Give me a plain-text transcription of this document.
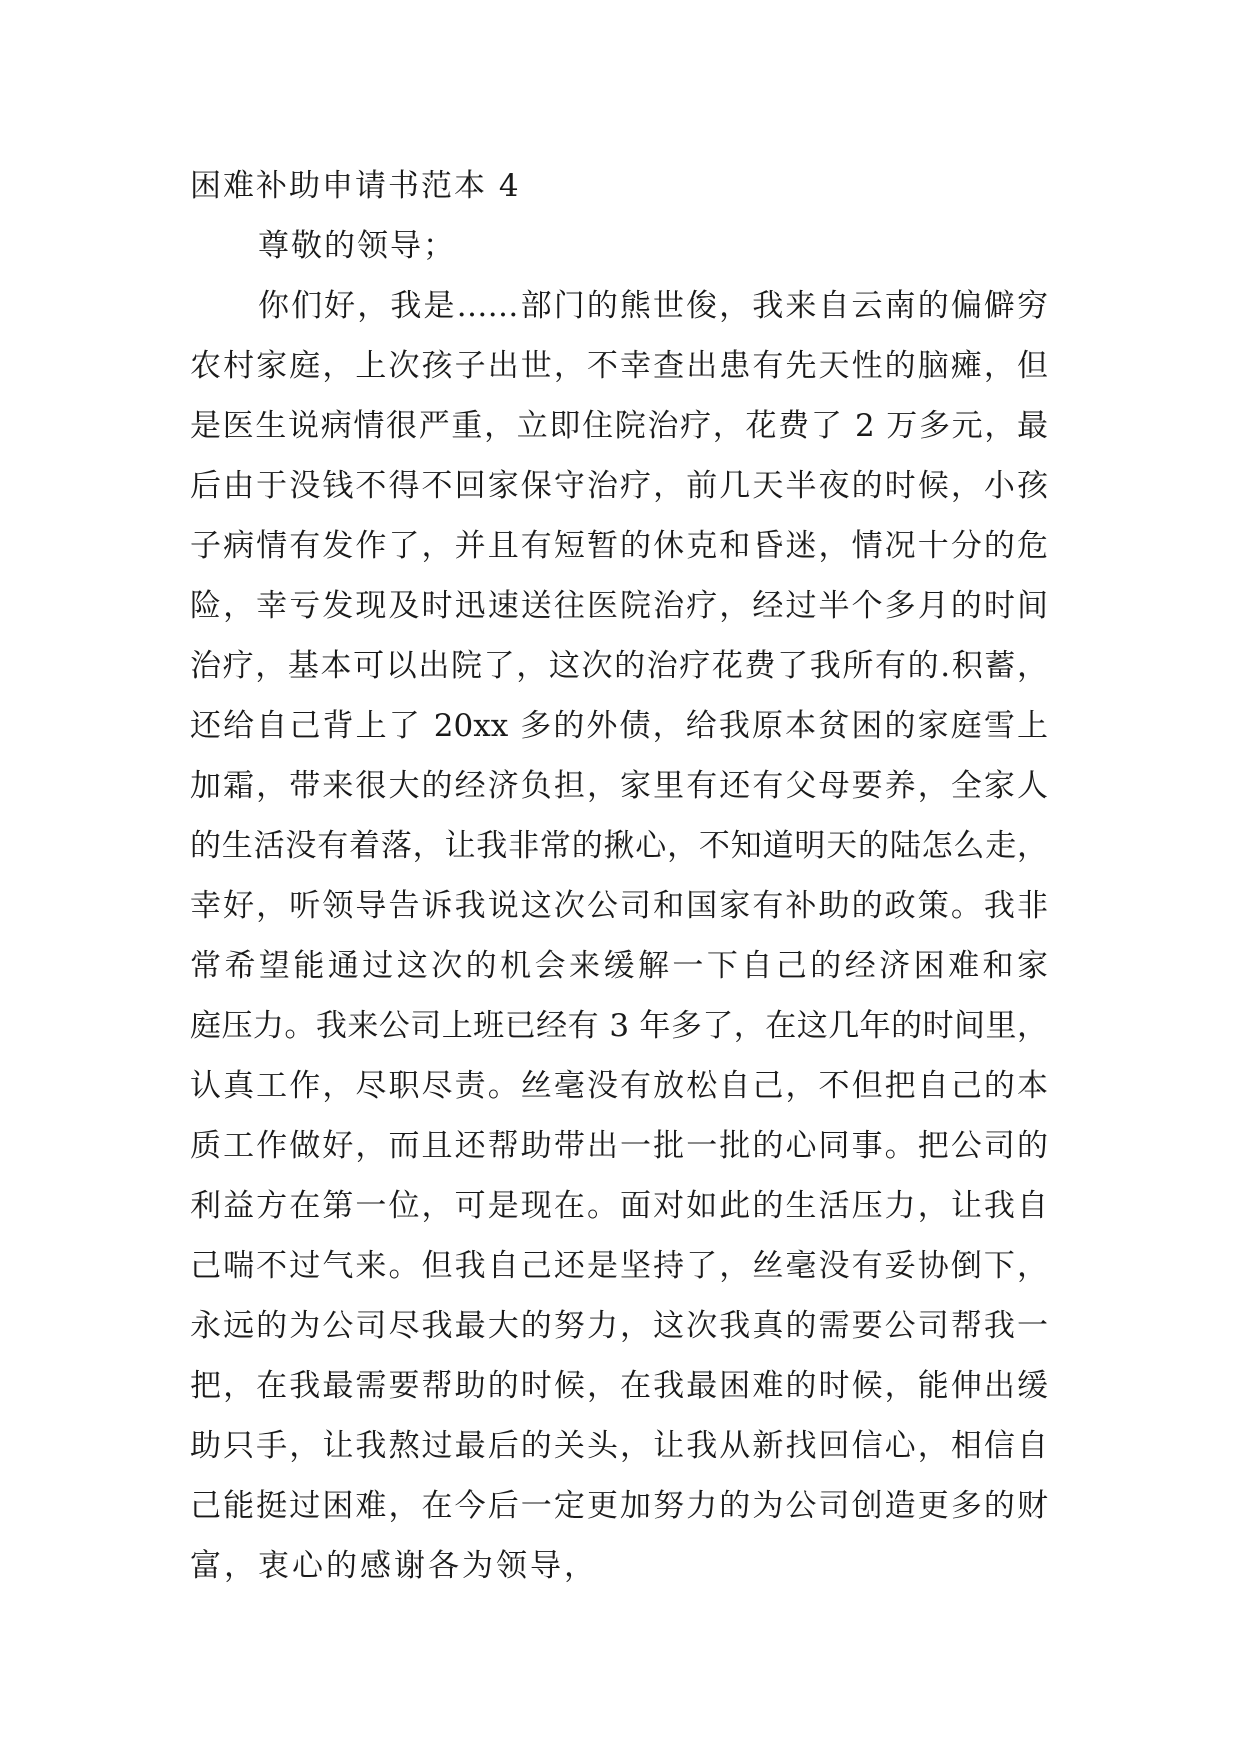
困难补助申请书范本 4
尊敬的领导；
你们好，我是……部门的熊世俊，我来自云南的偏僻穷
农村家庭，上次孩子出世，不幸查出患有先天性的脑瘫，但
是医生说病情很严重，立即住院治疗，花费了 2 万多元，最
后由于没钱不得不回家保守治疗，前几天半夜的时候，小孩
子病情有发作了，并且有短暂的休克和昏迷，情况十分的危
险，幸亏发现及时迅速送往医院治疗，经过半个多月的时间
治疗，基本可以出院了，这次的治疗花费了我所有的.积蓄，
还给自己背上了 20xx 多的外债，给我原本贫困的家庭雪上
加霜，带来很大的经济负担，家里有还有父母要养，全家人
的生活没有着落，让我非常的揪心，不知道明天的陆怎么走，
幸好，听领导告诉我说这次公司和国家有补助的政策。我非
常希望能通过这次的机会来缓解一下自己的经济困难和家
庭压力。我来公司上班已经有 3 年多了，在这几年的时间里，
认真工作，尽职尽责。丝毫没有放松自己，不但把自己的本
质工作做好，而且还帮助带出一批一批的心同事。把公司的
利益方在第一位，可是现在。面对如此的生活压力，让我自
己喘不过气来。但我自己还是坚持了，丝毫没有妥协倒下，
永远的为公司尽我最大的努力，这次我真的需要公司帮我一
把，在我最需要帮助的时候，在我最困难的时候，能伸出缓
助只手，让我熬过最后的关头，让我从新找回信心，相信自
己能挺过困难，在今后一定更加努力的为公司创造更多的财
富，衷心的感谢各为领导，
